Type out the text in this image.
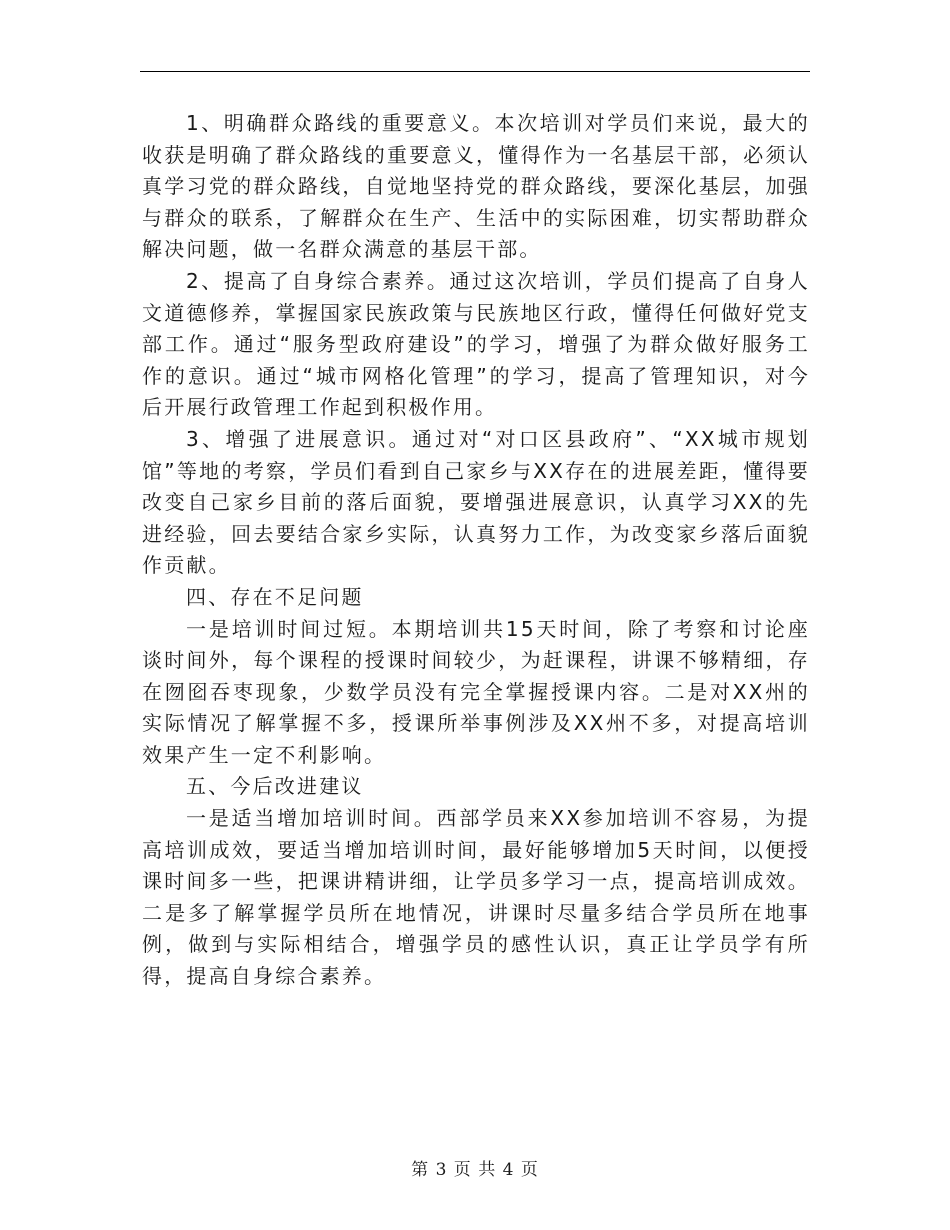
1、明确群众路线的重要意义。本次培训对学员们来说，最大的收获是明确了群众路线的重要意义，懂得作为一名基层干部，必须认真学习党的群众路线，自觉地坚持党的群众路线，要深化基层，加强与群众的联系，了解群众在生产、生活中的实际困难，切实帮助群众解决问题，做一名群众满意的基层干部。

2、提高了自身综合素养。通过这次培训，学员们提高了自身人文道德修养，掌握国家民族政策与民族地区行政，懂得任何做好党支部工作。通过“服务型政府建设”的学习，增强了为群众做好服务工作的意识。通过“城市网格化管理”的学习，提高了管理知识，对今后开展行政管理工作起到积极作用。

3、增强了进展意识。通过对“对口区县政府”、“XX城市规划馆”等地的考察，学员们看到自己家乡与XX存在的进展差距，懂得要改变自己家乡目前的落后面貌，要增强进展意识，认真学习XX的先进经验，回去要结合家乡实际，认真努力工作，为改变家乡落后面貌作贡献。

四、存在不足问题

一是培训时间过短。本期培训共15天时间，除了考察和讨论座谈时间外，每个课程的授课时间较少，为赶课程，讲课不够精细，存在囫囵吞枣现象，少数学员没有完全掌握授课内容。二是对XX州的实际情况了解掌握不多，授课所举事例涉及XX州不多，对提高培训效果产生一定不利影响。

五、今后改进建议

一是适当增加培训时间。西部学员来XX参加培训不容易，为提高培训成效，要适当增加培训时间，最好能够增加5天时间，以便授课时间多一些，把课讲精讲细，让学员多学习一点，提高培训成效。二是多了解掌握学员所在地情况，讲课时尽量多结合学员所在地事例，做到与实际相结合，增强学员的感性认识，真正让学员学有所得，提高自身综合素养。

第 3 页 共 4 页
